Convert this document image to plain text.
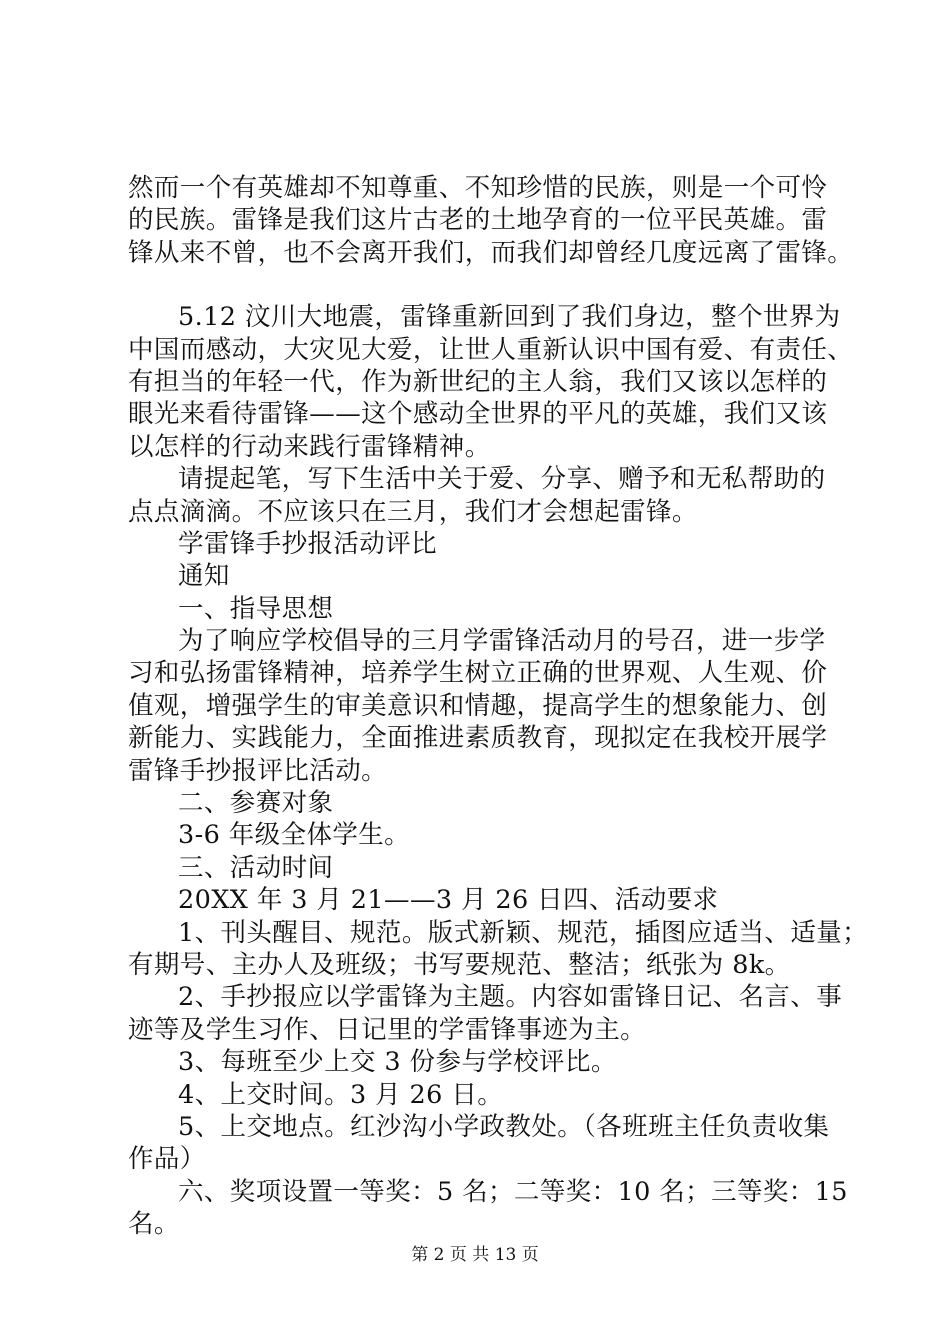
然而一个有英雄却不知尊重、不知珍惜的民族，则是一个可怜
的民族。雷锋是我们这片古老的土地孕育的一位平民英雄。雷
锋从来不曾，也不会离开我们，而我们却曾经几度远离了雷锋。
5.12 汶川大地震，雷锋重新回到了我们身边，整个世界为
中国而感动，大灾见大爱，让世人重新认识中国有爱、有责任、
有担当的年轻一代，作为新世纪的主人翁，我们又该以怎样的
眼光来看待雷锋——这个感动全世界的平凡的英雄，我们又该
以怎样的行动来践行雷锋精神。
请提起笔，写下生活中关于爱、分享、赠予和无私帮助的
点点滴滴。不应该只在三月，我们才会想起雷锋。
学雷锋手抄报活动评比
通知
一、指导思想
为了响应学校倡导的三月学雷锋活动月的号召，进一步学
习和弘扬雷锋精神，培养学生树立正确的世界观、人生观、价
值观，增强学生的审美意识和情趣，提高学生的想象能力、创
新能力、实践能力，全面推进素质教育，现拟定在我校开展学
雷锋手抄报评比活动。
二、参赛对象
3-6 年级全体学生。
三、活动时间
20XX 年 3 月 21——3 月 26 日四、活动要求
1、刊头醒目、规范。版式新颖、规范，插图应适当、适量；
有期号、主办人及班级；书写要规范、整洁；纸张为 8k。
2、手抄报应以学雷锋为主题。内容如雷锋日记、名言、事
迹等及学生习作、日记里的学雷锋事迹为主。
3、每班至少上交 3 份参与学校评比。
4、上交时间。3 月 26 日。
5、上交地点。红沙沟小学政教处。（各班班主任负责收集
作品）
六、奖项设置一等奖：5 名；二等奖：10 名；三等奖：15
名。
第 2 页 共 13 页
